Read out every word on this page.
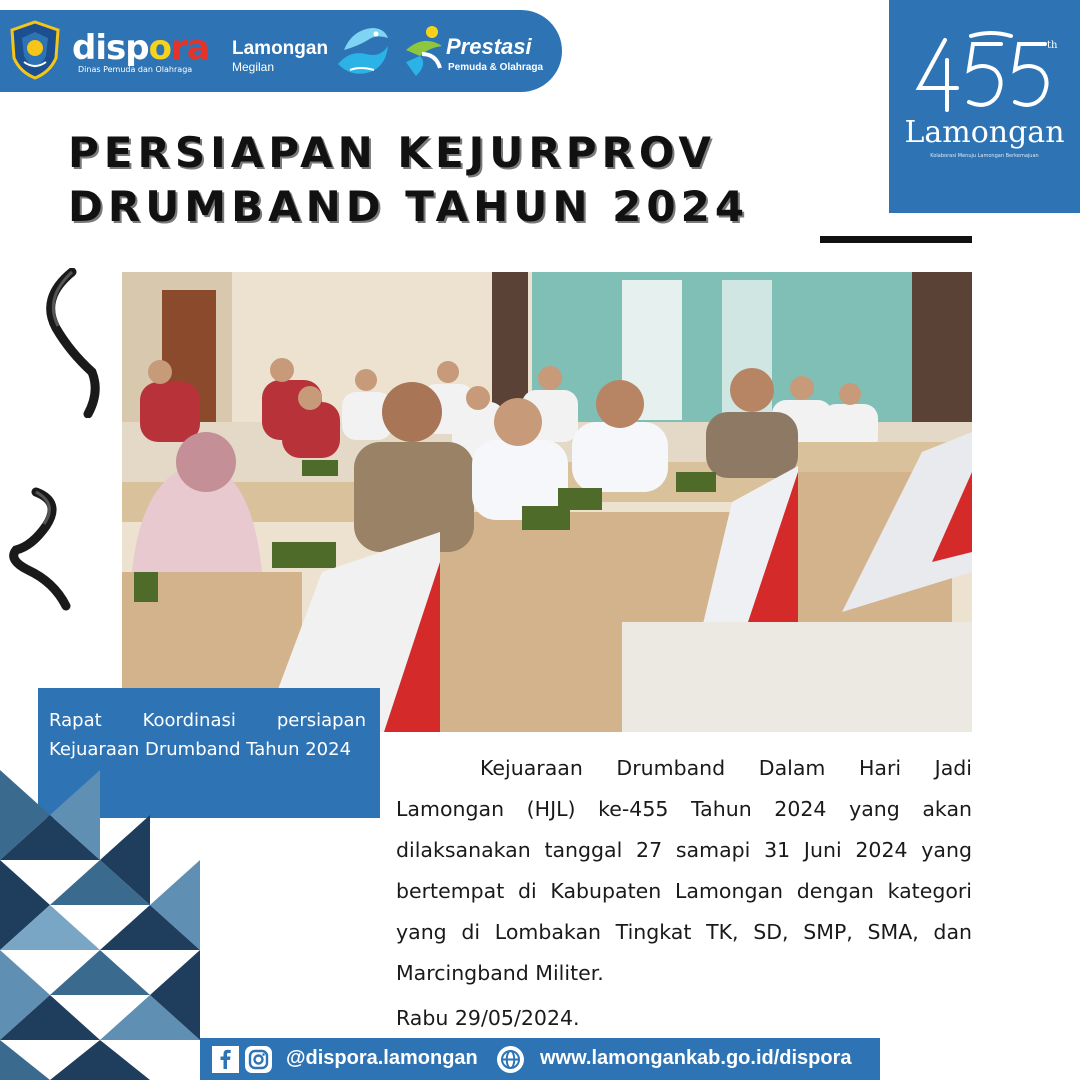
dispora
Dinas Pemuda dan Olahraga
Lamongan
Megilan
Prestasi
Pemuda & Olahraga
th
Lamongan
Kolaborasi Menuju Lamongan Berkemajuan
PERSIAPAN KEJURPROV
DRUMBAND TAHUN 2024
Rapat Koordinasi persiapan Kejuaraan Drumband Tahun 2024

Kejuaraan Drumband Dalam Hari Jadi Lamongan (HJL) ke-455 Tahun 2024 yang akan dilaksanakan tanggal 27 samapi 31 Juni 2024 yang bertempat di Kabupaten Lamongan dengan kategori yang di Lombakan Tingkat TK, SD, SMP, SMA, dan Marcingband Militer.

Rabu 29/05/2024.

@dispora.lamongan	www.lamongankab.go.id/dispora
